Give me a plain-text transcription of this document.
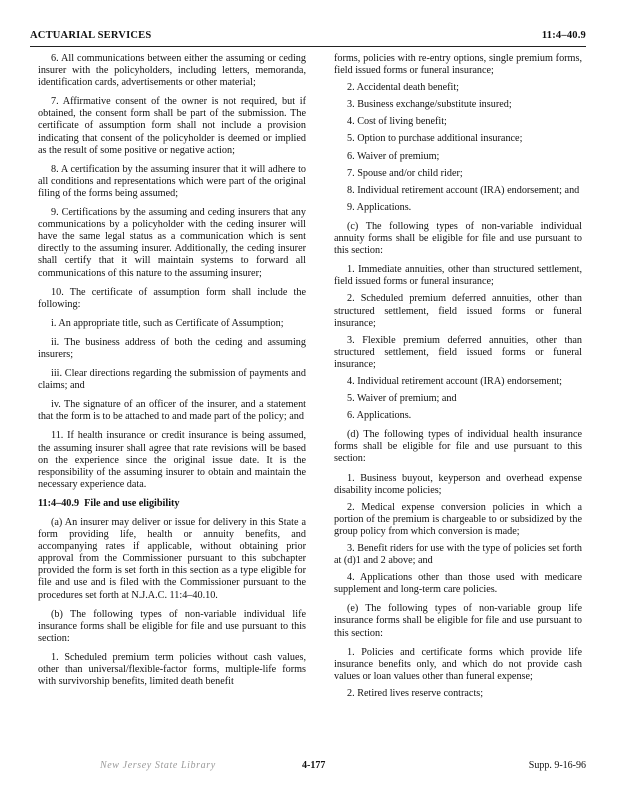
ACTUARIAL SERVICES	11:4–40.9

6. All communications between either the assuming or ceding insurer with the policyholders, including letters, memoranda, identification cards, advertisements or other material;

7. Affirmative consent of the owner is not required, but if obtained, the consent form shall be part of the submission. The certificate of assumption form shall not include a provision indicating that consent of the policyholder is deemed or implied as the result of some positive or negative action;

8. A certification by the assuming insurer that it will adhere to all conditions and representations which were part of the original filing of the forms being assumed;

9. Certifications by the assuming and ceding insurers that any communications by a policyholder with the ceding insurer will have the same legal status as a communication which is sent directly to the assuming insurer. Additionally, the ceding insurer shall certify that it will maintain systems to forward all communications of this nature to the assuming insurer;

10. The certificate of assumption form shall include the following:

i. An appropriate title, such as Certificate of Assumption;

ii. The business address of both the ceding and assuming insurers;

iii. Clear directions regarding the submission of payments and claims; and

iv. The signature of an officer of the insurer, and a statement that the form is to be attached to and made part of the policy; and

11. If health insurance or credit insurance is being assumed, the assuming insurer shall agree that rate revisions will be based on the experience since the original issue date. It is the responsibility of the assuming insurer to obtain and maintain the necessary experience data.

11:4–40.9 File and use eligibility

(a) An insurer may deliver or issue for delivery in this State a form providing life, health or annuity benefits, and accompanying rates if applicable, without obtaining prior approval from the Commissioner pursuant to this subchapter provided the form is set forth in this section as a type eligible for file and use and is filed with the Commissioner pursuant to the procedures set forth at N.J.A.C. 11:4–40.10.

(b) The following types of non-variable individual life insurance forms shall be eligible for file and use pursuant to this section:

1. Scheduled premium term policies without cash values, other than universal/flexible-factor forms, multiple-life forms with survivorship benefits, limited death benefit

forms, policies with re-entry options, single premium forms, field issued forms or funeral insurance;

2. Accidental death benefit;

3. Business exchange/substitute insured;

4. Cost of living benefit;

5. Option to purchase additional insurance;

6. Waiver of premium;

7. Spouse and/or child rider;

8. Individual retirement account (IRA) endorsement; and

9. Applications.

(c) The following types of non-variable individual annuity forms shall be eligible for file and use pursuant to this section:

1. Immediate annuities, other than structured settlement, field issued forms or funeral insurance;

2. Scheduled premium deferred annuities, other than structured settlement, field issued forms or funeral insurance;

3. Flexible premium deferred annuities, other than structured settlement, field issued forms or funeral insurance;

4. Individual retirement account (IRA) endorsement;

5. Waiver of premium; and

6. Applications.

(d) The following types of individual health insurance forms shall be eligible for file and use pursuant to this section:

1. Business buyout, keyperson and overhead expense disability income policies;

2. Medical expense conversion policies in which a portion of the premium is chargeable to or subsidized by the group policy from which conversion is made;

3. Benefit riders for use with the type of policies set forth at (d)1 and 2 above; and

4. Applications other than those used with medicare supplement and long-term care policies.

(e) The following types of non-variable group life insurance forms shall be eligible for file and use pursuant to this section:

1. Policies and certificate forms which provide life insurance benefits only, and which do not provide cash values or loan values other than funeral expense;

2. Retired lives reserve contracts;

New Jersey State Library	4-177	Supp. 9-16-96
